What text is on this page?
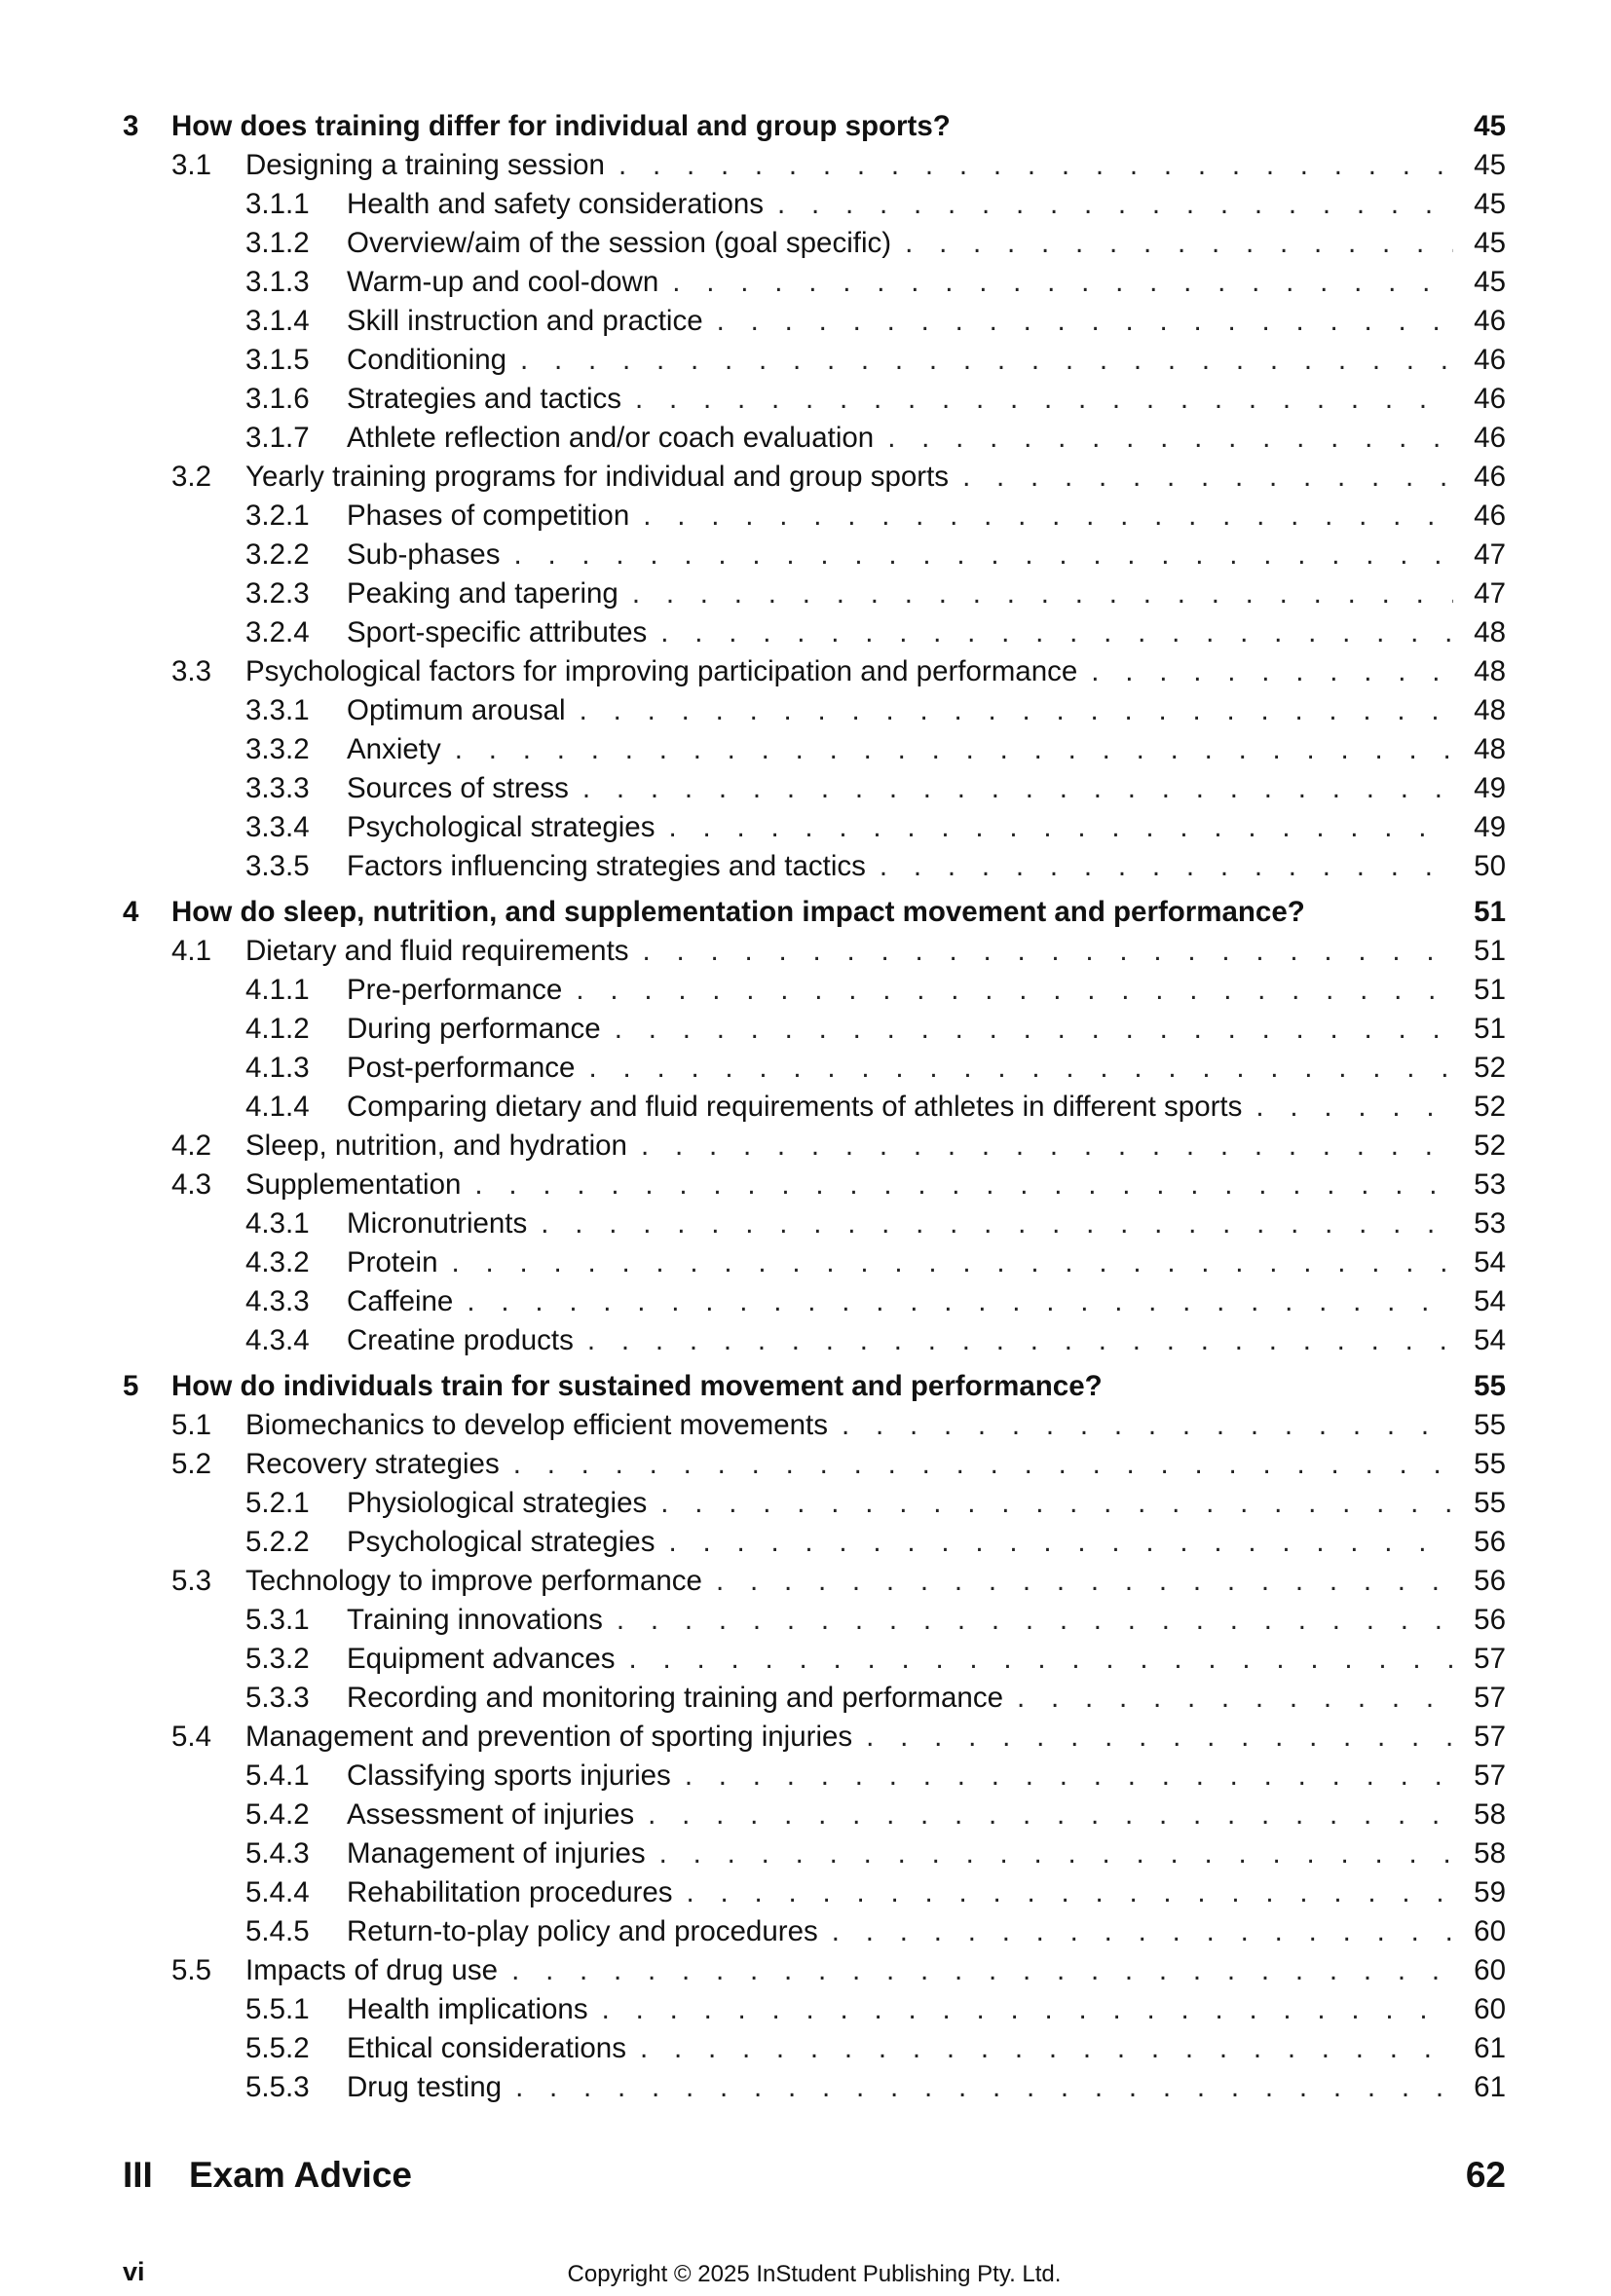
3	How does training differ for individual and group sports?	45
3.1	Designing a training session . . .	45
3.1.1	Health and safety considerations . . .	45
3.1.2	Overview/aim of the session (goal specific) . . .	45
3.1.3	Warm-up and cool-down . . .	45
3.1.4	Skill instruction and practice . . .	46
3.1.5	Conditioning . . .	46
3.1.6	Strategies and tactics . . .	46
3.1.7	Athlete reflection and/or coach evaluation . . .	46
3.2	Yearly training programs for individual and group sports . . .	46
3.2.1	Phases of competition . . .	46
3.2.2	Sub-phases . . .	47
3.2.3	Peaking and tapering . . .	47
3.2.4	Sport-specific attributes . . .	48
3.3	Psychological factors for improving participation and performance . . .	48
3.3.1	Optimum arousal . . .	48
3.3.2	Anxiety . . .	48
3.3.3	Sources of stress . . .	49
3.3.4	Psychological strategies . . .	49
3.3.5	Factors influencing strategies and tactics . . .	50
4	How do sleep, nutrition, and supplementation impact movement and performance?	51
4.1	Dietary and fluid requirements . . .	51
4.1.1	Pre-performance . . .	51
4.1.2	During performance . . .	51
4.1.3	Post-performance . . .	52
4.1.4	Comparing dietary and fluid requirements of athletes in different sports . . .	52
4.2	Sleep, nutrition, and hydration . . .	52
4.3	Supplementation . . .	53
4.3.1	Micronutrients . . .	53
4.3.2	Protein . . .	54
4.3.3	Caffeine . . .	54
4.3.4	Creatine products . . .	54
5	How do individuals train for sustained movement and performance?	55
5.1	Biomechanics to develop efficient movements . . .	55
5.2	Recovery strategies . . .	55
5.2.1	Physiological strategies . . .	55
5.2.2	Psychological strategies . . .	56
5.3	Technology to improve performance . . .	56
5.3.1	Training innovations . . .	56
5.3.2	Equipment advances . . .	57
5.3.3	Recording and monitoring training and performance . . .	57
5.4	Management and prevention of sporting injuries . . .	57
5.4.1	Classifying sports injuries . . .	57
5.4.2	Assessment of injuries . . .	58
5.4.3	Management of injuries . . .	58
5.4.4	Rehabilitation procedures . . .	59
5.4.5	Return-to-play policy and procedures . . .	60
5.5	Impacts of drug use . . .	60
5.5.1	Health implications . . .	60
5.5.2	Ethical considerations . . .	61
5.5.3	Drug testing . . .	61
III	Exam Advice	62
vi	Copyright © 2025 InStudent Publishing Pty. Ltd.
